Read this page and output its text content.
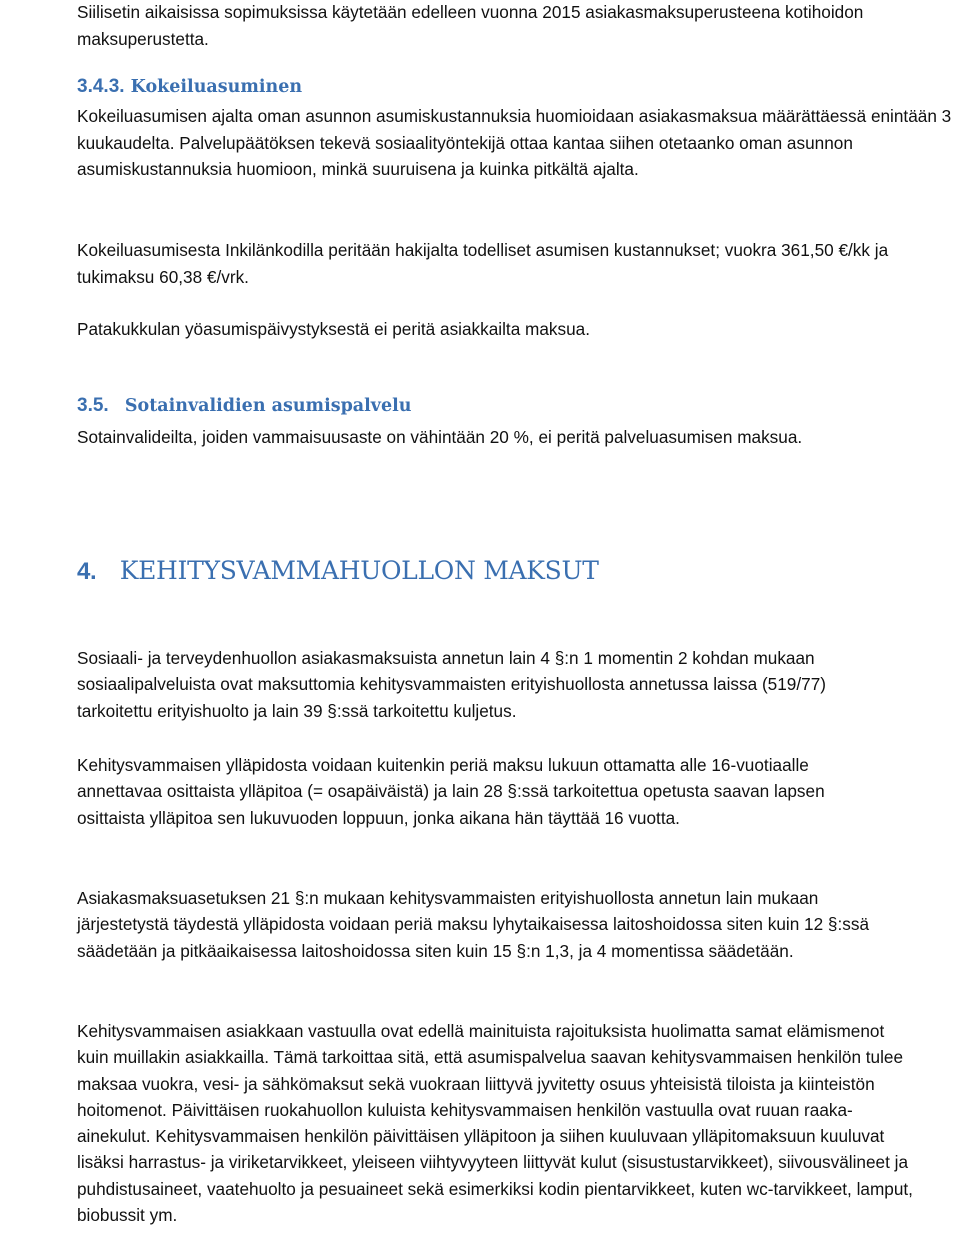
Siilisetin aikaisissa sopimuksissa käytetään edelleen vuonna 2015 asiakasmaksuperusteena kotihoidon maksuperustetta.

3.4.3. Kokeiluasuminen

Kokeiluasumisen ajalta oman asunnon asumiskustannuksia huomioidaan asiakasmaksua määrättäessä enintään 3 kuukaudelta. Palvelupäätöksen tekevä sosiaalityöntekijä ottaa kantaa siihen otetaanko oman asunnon asumiskustannuksia huomioon, minkä suuruisena ja kuinka pitkältä ajalta.

Kokeiluasumisesta Inkilänkodilla peritään hakijalta todelliset asumisen kustannukset; vuokra 361,50 €/kk ja tukimaksu 60,38 €/vrk.

Patakukkulan yöasumispäivystyksestä ei peritä asiakkailta maksua.

3.5. Sotainvalidien asumispalvelu

Sotainvalideilta, joiden vammaisuusaste on vähintään 20 %, ei peritä palveluasumisen maksua.

4. KEHITYSVAMMAHUOLLON MAKSUT

Sosiaali- ja terveydenhuollon asiakasmaksuista annetun lain 4 §:n 1 momentin 2 kohdan mukaan sosiaalipalveluista ovat maksuttomia kehitysvammaisten erityishuollosta annetussa laissa (519/77) tarkoitettu erityishuolto ja lain 39 §:ssä tarkoitettu kuljetus.

Kehitysvammaisen ylläpidosta voidaan kuitenkin periä maksu lukuun ottamatta alle 16-vuotiaalle annettavaa osittaista ylläpitoa (= osapäiväistä) ja lain 28 §:ssä tarkoitettua opetusta saavan lapsen osittaista ylläpitoa sen lukuvuoden loppuun, jonka aikana hän täyttää 16 vuotta.

Asiakasmaksuasetuksen 21 §:n mukaan kehitysvammaisten erityishuollosta annetun lain mukaan järjestetystä täydestä ylläpidosta voidaan periä maksu lyhytaikaisessa laitoshoidossa siten kuin 12 §:ssä säädetään ja pitkäaikaisessa laitoshoidossa siten kuin 15 §:n 1,3, ja 4 momentissa säädetään.

Kehitysvammaisen asiakkaan vastuulla ovat edellä mainituista rajoituksista huolimatta samat elämismenot kuin muillakin asiakkailla. Tämä tarkoittaa sitä, että asumispalvelua saavan kehitysvammaisen henkilön tulee maksaa vuokra, vesi- ja sähkömaksut sekä vuokraan liittyvä jyvitetty osuus yhteisistä tiloista ja kiinteistön hoitomenot. Päivittäisen ruokahuollon kuluista kehitysvammaisen henkilön vastuulla ovat ruuan raaka-ainekulut. Kehitysvammaisen henkilön päivittäisen ylläpitoon ja siihen kuuluvaan ylläpitomaksuun kuuluvat lisäksi harrastus- ja viriketarvikkeet, yleiseen viihtyvyyteen liittyvät kulut (sisustustarvikkeet), siivousvälineet ja puhdistusaineet, vaatehuolto ja pesuaineet sekä esimerkiksi kodin pientarvikkeet, kuten wc-tarvikkeet, lamput, biobussit ym.
